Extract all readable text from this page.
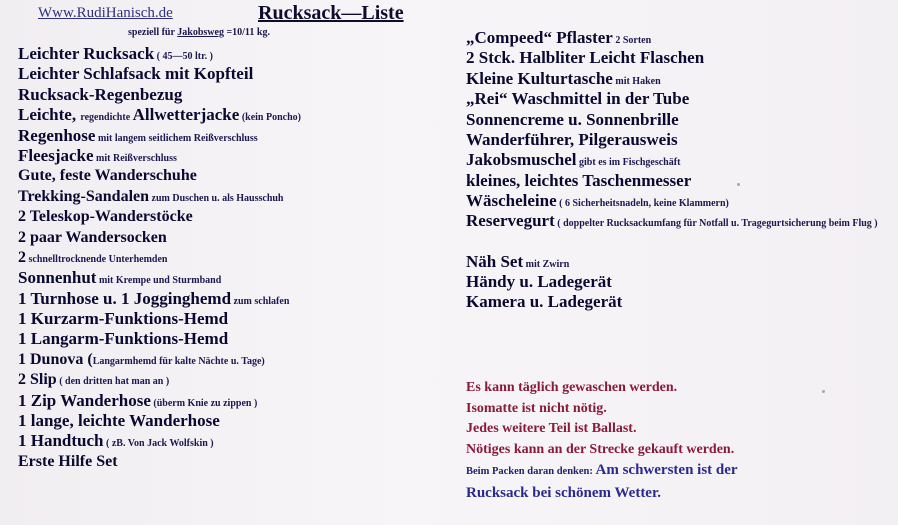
Www.RudiHanisch.de	Rucksack—Liste
speziell für Jakobsweg =10/11 kg.
Leichter Rucksack ( 45—50 ltr. )
Leichter Schlafsack mit Kopfteil
Rucksack-Regenbezug
Leichte, regendichte Allwetterjacke (kein Poncho)
Regenhose mit langem seitlichem Reißverschluss
Fleesjacke mit Reißverschluss
Gute, feste Wanderschuhe
Trekking-Sandalen zum Duschen u. als Hausschuh
2 Teleskop-Wanderstöcke
2 paar Wandersocken
2 schnelltrocknende Unterhemden
Sonnenhut mit Krempe und Sturmband
1 Turnhose u. 1 Jogginghemd zum schlafen
1 Kurzarm-Funktions-Hemd
1 Langarm-Funktions-Hemd
1 Dunova (Langarmhemd für kalte Nächte u. Tage)
2 Slip ( den dritten hat man an )
1 Zip Wanderhose (überm Knie zu zippen )
1 lange, leichte Wanderhose
1 Handtuch ( zB. Von Jack Wolfskin )
Erste Hilfe Set
„Compeed“ Pflaster 2 Sorten
2 Stck. Halbliter Leicht Flaschen
Kleine Kulturtasche mit Haken
„Rei“ Waschmittel in der Tube
Sonnencreme u. Sonnenbrille
Wanderführer, Pilgerausweis
Jakobsmuschel gibt es im Fischgeschäft
kleines, leichtes Taschenmesser
Wäscheleine ( 6 Sicherheitsnadeln, keine Klammern)
Reservegurt ( doppelter Rucksackumfang für Notfall u. Tragegurtsicherung beim Flug )
Näh Set mit Zwirn
Händy u. Ladegerät
Kamera u. Ladegerät
Es kann täglich gewaschen werden.
Isomatte ist nicht nötig.
Jedes weitere Teil ist Ballast.
Nötiges kann an der Strecke gekauft werden.
Beim Packen daran denken: Am schwersten ist der
Rucksack bei schönem Wetter.
